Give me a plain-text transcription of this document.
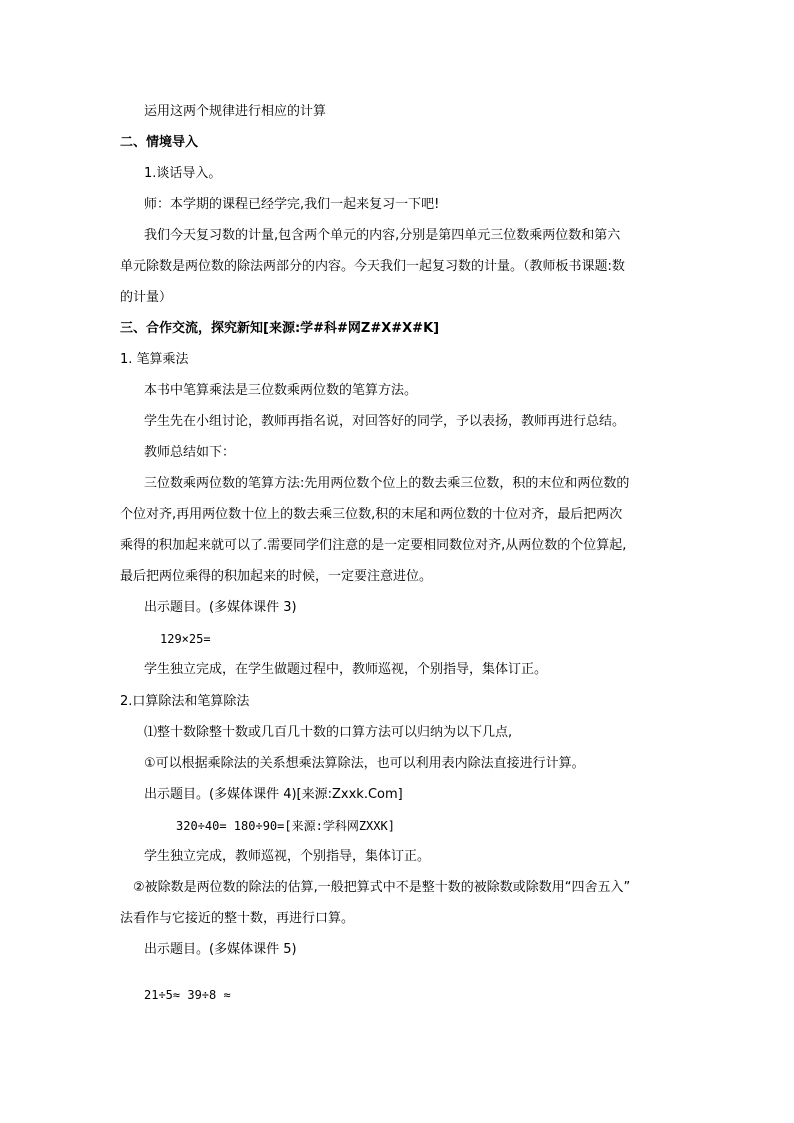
运用这两个规律进行相应的计算
二、情境导入
1.谈话导入。
师：本学期的课程已经学完,我们一起来复习一下吧!
我们今天复习数的计量,包含两个单元的内容,分别是第四单元三位数乘两位数和第六
单元除数是两位数的除法两部分的内容。今天我们一起复习数的计量。（教师板书课题:数
的计量）
三、合作交流，探究新知[来源:学#科#网Z#X#X#K]
1. 笔算乘法
本书中笔算乘法是三位数乘两位数的笔算方法。
学生先在小组讨论，教师再指名说，对回答好的同学，予以表扬，教师再进行总结。
教师总结如下：
三位数乘两位数的笔算方法:先用两位数个位上的数去乘三位数，积的末位和两位数的
个位对齐,再用两位数十位上的数去乘三位数,积的末尾和两位数的十位对齐，最后把两次
乘得的积加起来就可以了.需要同学们注意的是一定要相同数位对齐,从两位数的个位算起,
最后把两位乘得的积加起来的时候，一定要注意进位。
出示题目。(多媒体课件 3)
129×25=
学生独立完成，在学生做题过程中，教师巡视，个别指导，集体订正。
2.口算除法和笔算除法
⑴整十数除整十数或几百几十数的口算方法可以归纳为以下几点,
①可以根据乘除法的关系想乘法算除法，也可以利用表内除法直接进行计算。
出示题目。(多媒体课件 4)[来源:Zxxk.Com]
320÷40= 180÷90=[来源:学科网ZXXK]
学生独立完成，教师巡视，个别指导，集体订正。
②被除数是两位数的除法的估算,一般把算式中不是整十数的被除数或除数用“四舍五入”
法看作与它接近的整十数，再进行口算。
出示题目。(多媒体课件 5)
21÷5≈ 39÷8 ≈
